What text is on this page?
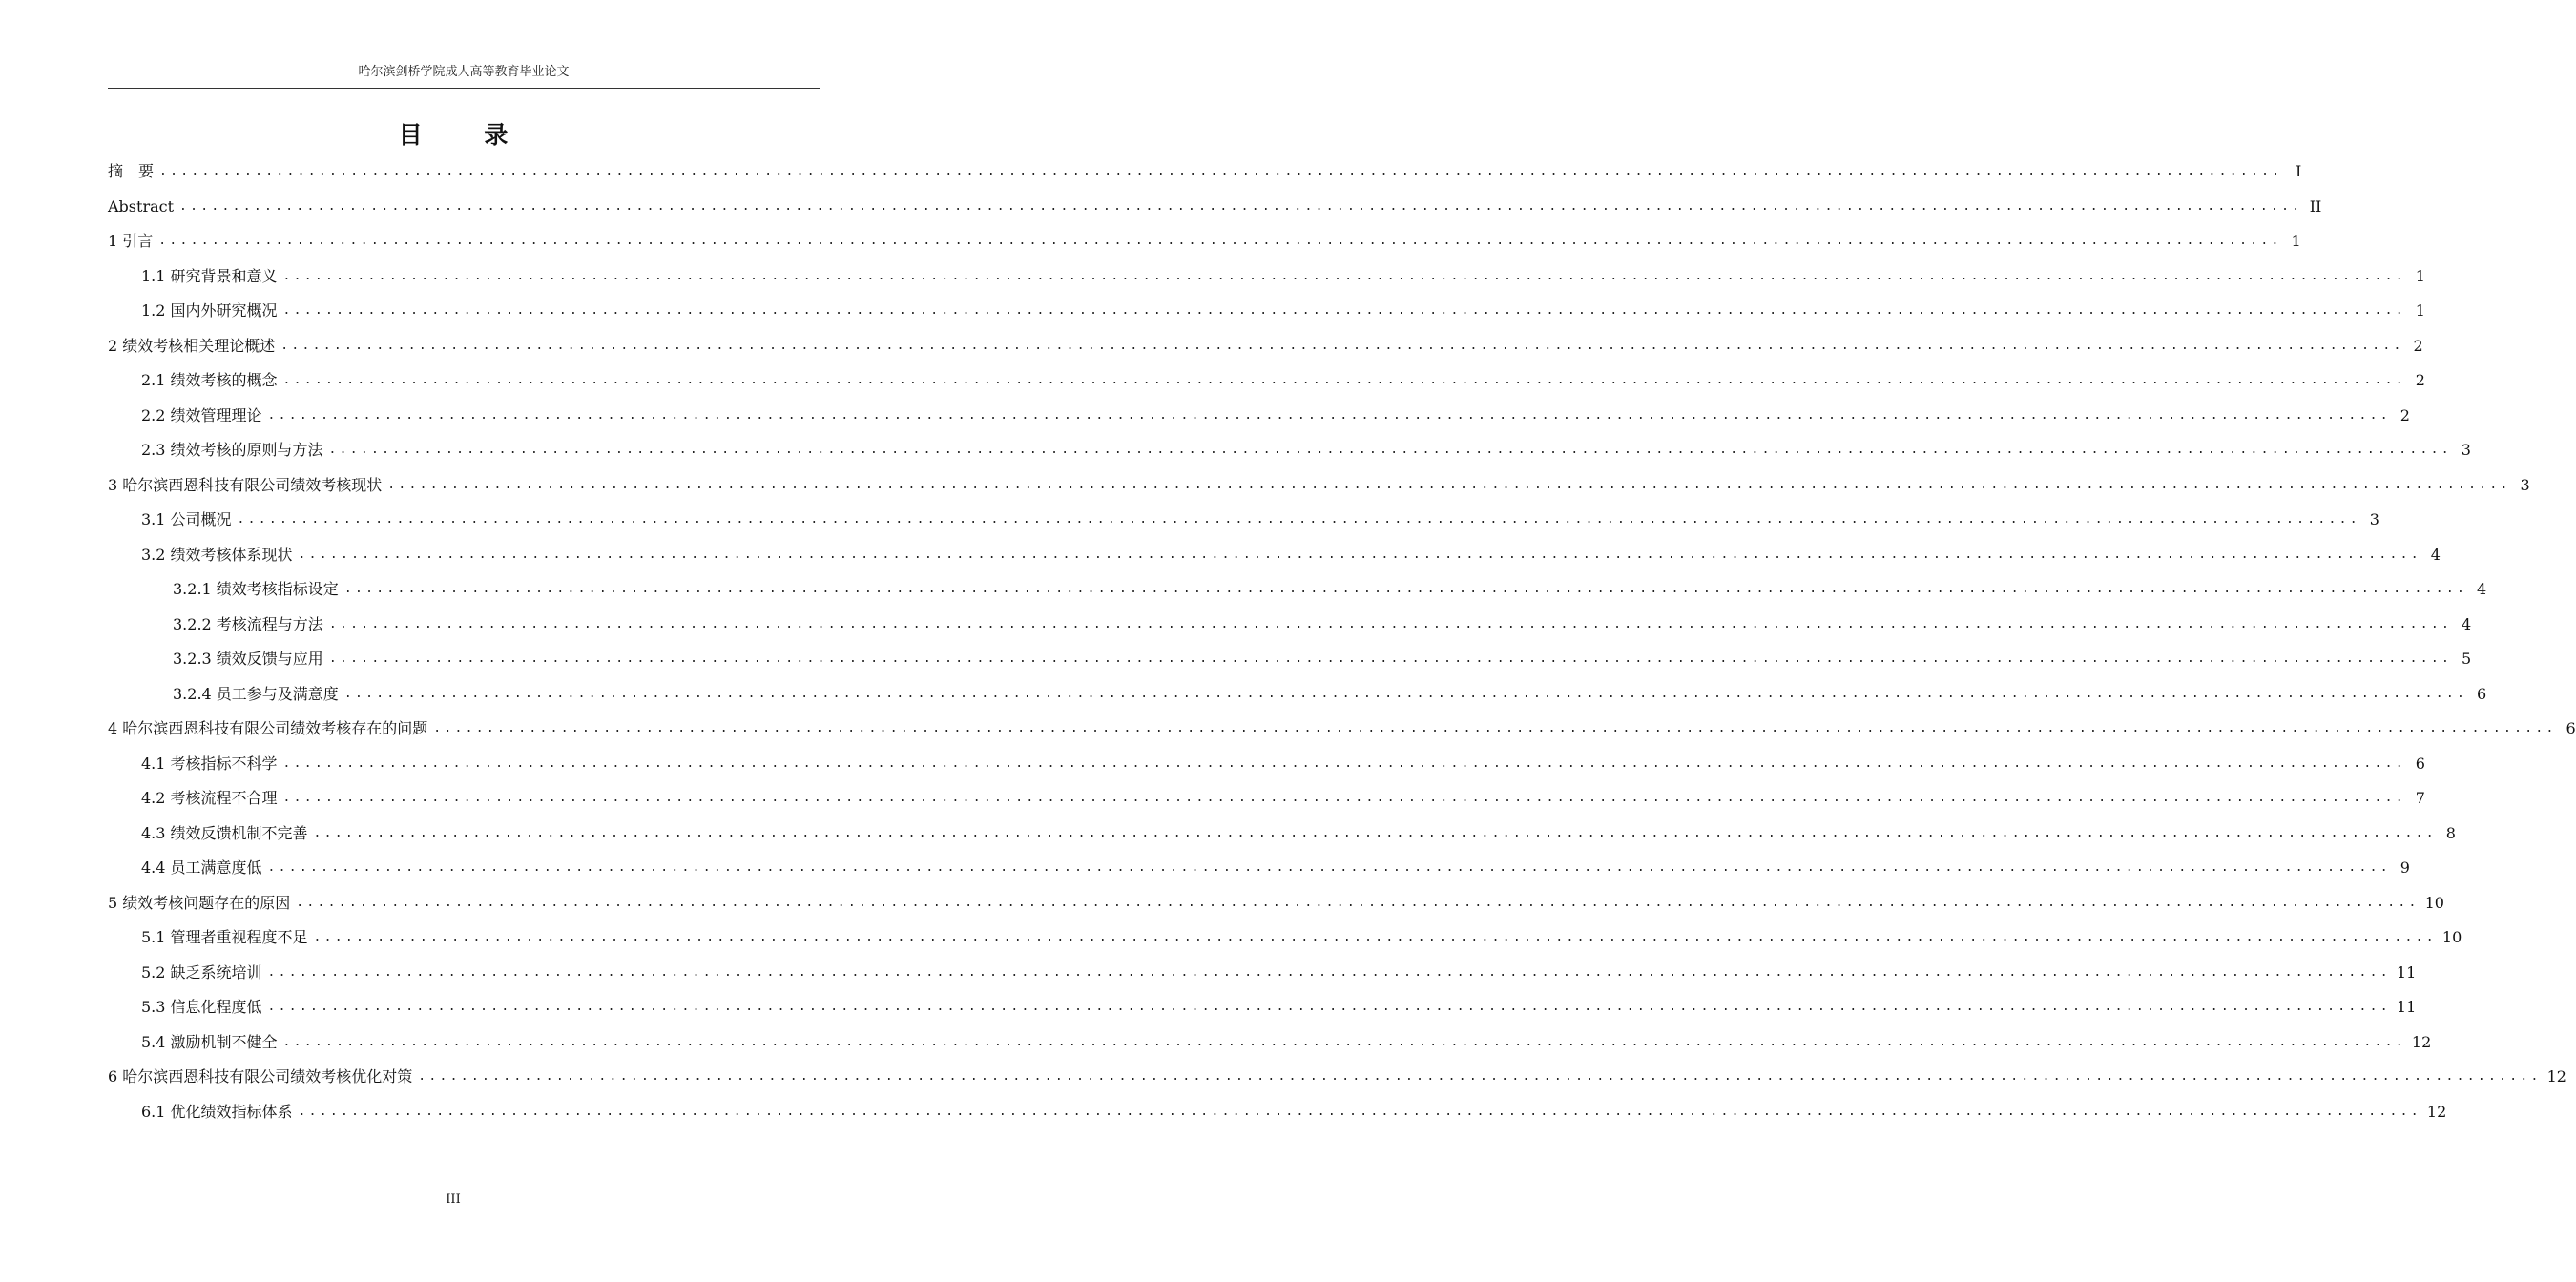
哈尔滨剑桥学院成人高等教育毕业论文
目 录
摘　要 ........................................................................................................................................................................................................ I
Abstract ........................................................................................................................................................................................................ II
1 引言 ........................................................................................................................................................................................................ 1
1.1 研究背景和意义 ........................................................................................................................................................................................................ 1
1.2 国内外研究概况 ........................................................................................................................................................................................................ 1
2 绩效考核相关理论概述 ........................................................................................................................................................................................................ 2
2.1 绩效考核的概念 ........................................................................................................................................................................................................ 2
2.2 绩效管理理论 ........................................................................................................................................................................................................ 2
2.3 绩效考核的原则与方法 ........................................................................................................................................................................................................ 3
3 哈尔滨西恩科技有限公司绩效考核现状 ........................................................................................................................................................................................................ 3
3.1 公司概况 ........................................................................................................................................................................................................ 3
3.2 绩效考核体系现状 ........................................................................................................................................................................................................ 4
3.2.1 绩效考核指标设定 ........................................................................................................................................................................................................ 4
3.2.2 考核流程与方法 ........................................................................................................................................................................................................ 4
3.2.3 绩效反馈与应用 ........................................................................................................................................................................................................ 5
3.2.4 员工参与及满意度 ........................................................................................................................................................................................................ 6
4 哈尔滨西恩科技有限公司绩效考核存在的问题 ........................................................................................................................................................................................................ 6
4.1 考核指标不科学 ........................................................................................................................................................................................................ 6
4.2 考核流程不合理 ........................................................................................................................................................................................................ 7
4.3 绩效反馈机制不完善 ........................................................................................................................................................................................................ 8
4.4 员工满意度低 ........................................................................................................................................................................................................ 9
5 绩效考核问题存在的原因 ........................................................................................................................................................................................................ 10
5.1 管理者重视程度不足 ........................................................................................................................................................................................................ 10
5.2 缺乏系统培训 ........................................................................................................................................................................................................ 11
5.3 信息化程度低 ........................................................................................................................................................................................................ 11
5.4 激励机制不健全 ........................................................................................................................................................................................................ 12
6 哈尔滨西恩科技有限公司绩效考核优化对策 ........................................................................................................................................................................................................ 12
6.1 优化绩效指标体系 ........................................................................................................................................................................................................ 12
III
